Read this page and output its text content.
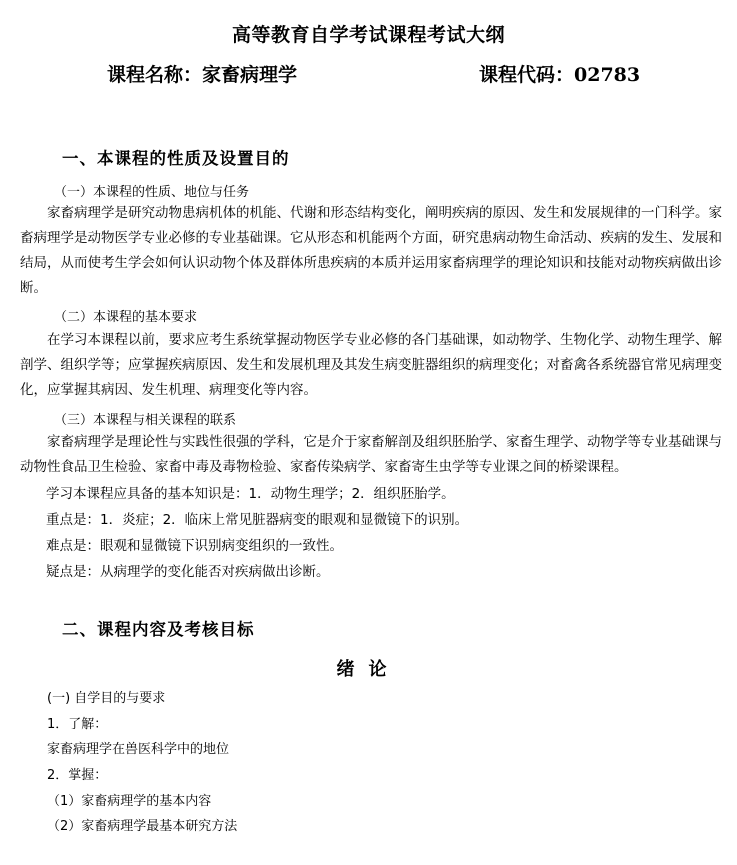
高等教育自学考试课程考试大纲
课程名称：家畜病理学	课程代码：02783
一、本课程的性质及设置目的
（一）本课程的性质、地位与任务
家畜病理学是研究动物患病机体的机能、代谢和形态结构变化，阐明疾病的原因、发生和发展规律的一门科学。家畜病理学是动物医学专业必修的专业基础课。它从形态和机能两个方面，研究患病动物生命活动、疾病的发生、发展和结局，从而使考生学会如何认识动物个体及群体所患疾病的本质并运用家畜病理学的理论知识和技能对动物疾病做出诊断。
（二）本课程的基本要求
在学习本课程以前，要求应考生系统掌握动物医学专业必修的各门基础课，如动物学、生物化学、动物生理学、解剖学、组织学等；应掌握疾病原因、发生和发展机理及其发生病变脏器组织的病理变化；对畜禽各系统器官常见病理变化，应掌握其病因、发生机理、病理变化等内容。
（三）本课程与相关课程的联系
家畜病理学是理论性与实践性很强的学科，它是介于家畜解剖及组织胚胎学、家畜生理学、动物学等专业基础课与动物性食品卫生检验、家畜中毒及毒物检验、家畜传染病学、家畜寄生虫学等专业课之间的桥梁课程。
学习本课程应具备的基本知识是：1．动物生理学；2．组织胚胎学。
重点是：1．炎症；2．临床上常见脏器病变的眼观和显微镜下的识别。
难点是：眼观和显微镜下识别病变组织的一致性。
疑点是：从病理学的变化能否对疾病做出诊断。
二、课程内容及考核目标
绪论
(一) 自学目的与要求
1．了解：
家畜病理学在兽医科学中的地位
2．掌握：
（1）家畜病理学的基本内容
（2）家畜病理学最基本研究方法
